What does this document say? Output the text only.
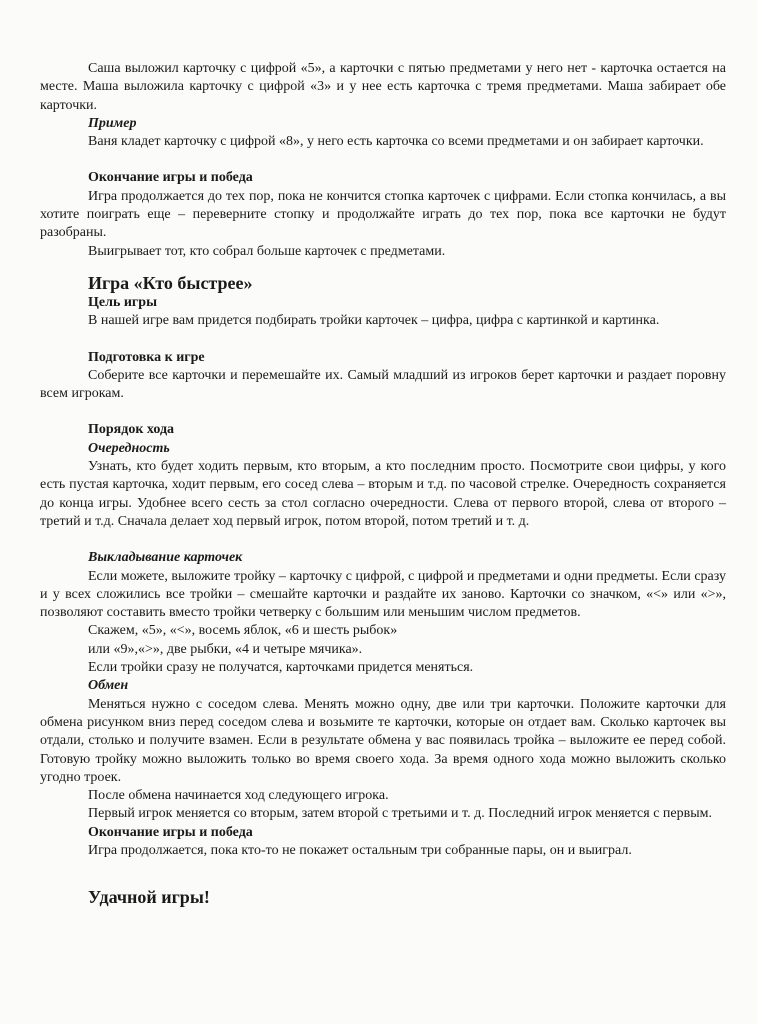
Саша выложил карточку с цифрой «5», а карточки с пятью предметами у него нет - карточка остается на месте. Маша выложила карточку с цифрой «3» и у нее есть карточка с тремя предметами. Маша забирает обе карточки.

Пример

Ваня кладет карточку с цифрой «8», у него есть карточка со всеми предметами и он забирает карточки.

Окончание игры и победа

Игра продолжается до тех пор, пока не кончится стопка карточек с цифрами. Если стопка кончилась, а вы хотите поиграть еще – переверните стопку и продолжайте играть до тех пор, пока все карточки не будут разобраны.

Выигрывает тот, кто собрал больше карточек с предметами.

Игра «Кто быстрее»

Цель игры

В нашей игре вам придется подбирать тройки карточек – цифра, цифра с картинкой и картинка.

Подготовка к игре

Соберите все карточки и перемешайте их. Самый младший из игроков берет карточки и раздает поровну всем игрокам.

Порядок хода

Очередность

Узнать, кто будет ходить первым, кто вторым, а кто последним просто. Посмотрите свои цифры, у кого есть пустая карточка, ходит первым, его сосед слева – вторым и т.д. по часовой стрелке. Очередность сохраняется до конца игры. Удобнее всего сесть за стол согласно очередности. Слева от первого второй, слева от второго – третий и т.д. Сначала делает ход первый игрок, потом второй, потом третий и т. д.

Выкладывание карточек

Если можете, выложите тройку – карточку с цифрой, с цифрой и предметами и одни предметы. Если сразу и у всех сложились все тройки – смешайте карточки и раздайте их заново. Карточки со значком, «<» или «>», позволяют составить вместо тройки четверку с большим или меньшим числом предметов.

Скажем, «5», «<», восемь яблок, «6 и шесть рыбок»

или «9»,«>», две рыбки, «4 и четыре мячика».

Если тройки сразу не получатся, карточками придется меняться.

Обмен

Меняться нужно с соседом слева. Менять можно одну, две или три карточки. Положите карточки для обмена рисунком вниз перед соседом слева и возьмите те карточки, которые он отдает вам. Сколько карточек вы отдали, столько и получите взамен. Если в результате обмена у вас появилась тройка – выложите ее перед собой. Готовую тройку можно выложить только во время своего хода. За время одного хода можно выложить сколько угодно троек.

После обмена начинается ход следующего игрока.

Первый игрок меняется со вторым, затем второй с третьими и т. д. Последний игрок меняется с первым.

Окончание игры и победа

Игра продолжается, пока кто-то не покажет остальным три собранные пары, он и выиграл.

Удачной игры!
